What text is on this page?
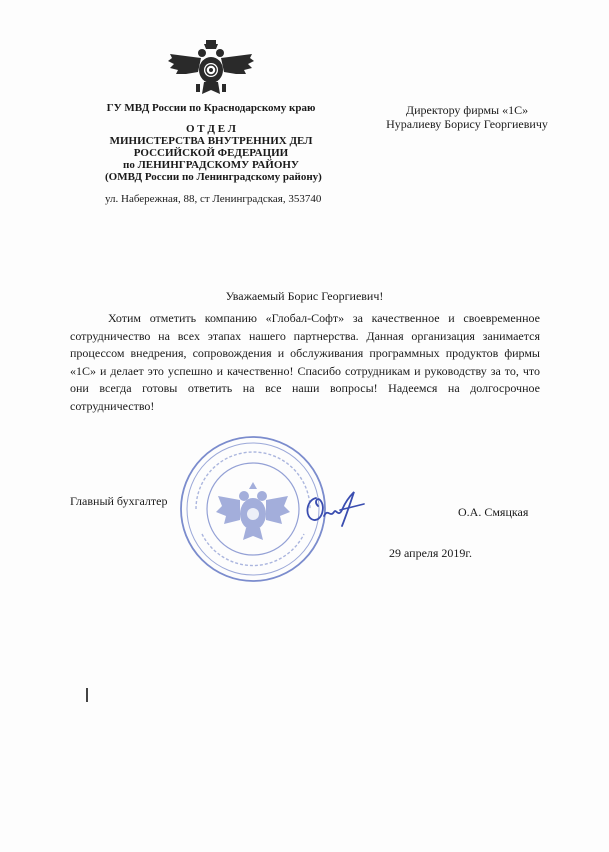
ГУ МВД России по Краснодарскому краю
О Т Д Е Л
МИНИСТЕРСТВА ВНУТРЕННИХ ДЕЛ
РОССИЙСКОЙ ФЕДЕРАЦИИ
по ЛЕНИНГРАДСКОМУ РАЙОНУ
(ОМВД России по Ленинградскому району)
ул. Набережная, 88, ст Ленинградская, 353740
Директору фирмы «1С»
Нуралиеву Борису Георгиевичу
Уважаемый Борис Георгиевич!
Хотим отметить компанию «Глобал-Софт» за качественное и своевременное сотрудничество на всех этапах нашего партнерства. Данная организация занимается процессом внедрения, сопровождения и обслуживания программных продуктов фирмы «1С» и делает это успешно и качественно! Спасибо сотрудникам и руководству за то, что они всегда готовы ответить на все наши вопросы! Надеемся на долгосрочное сотрудничество!
Главный бухгалтер
О.А. Смяцкая
29 апреля 2019г.
